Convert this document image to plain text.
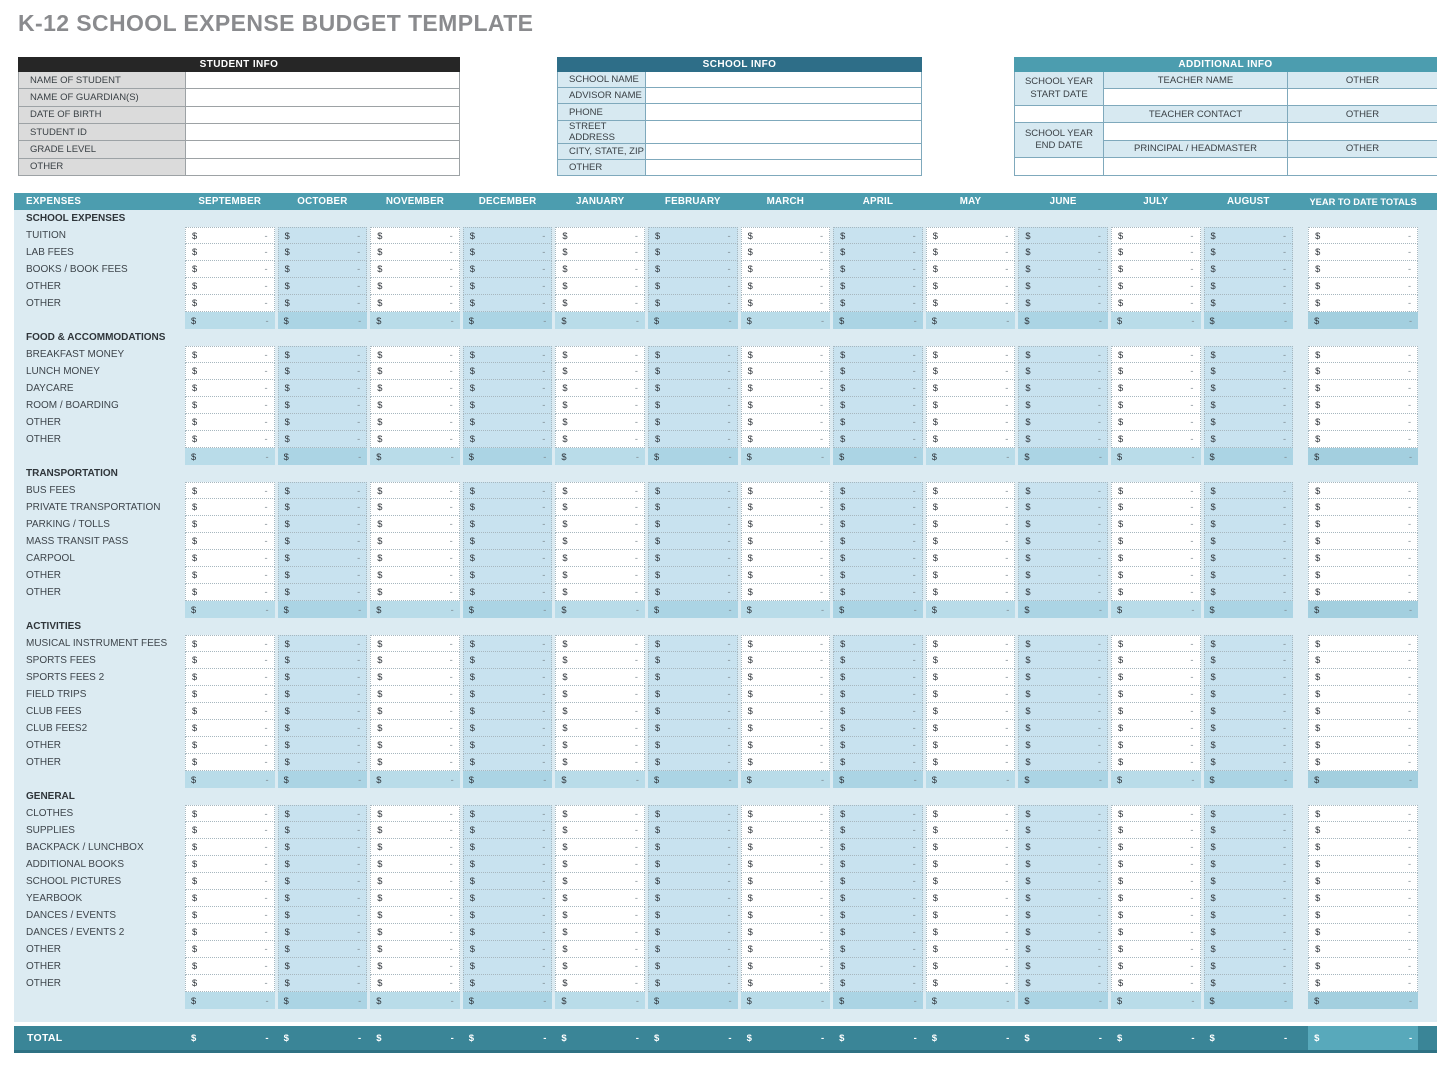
K-12 SCHOOL EXPENSE BUDGET TEMPLATE
STUDENT INFO
NAME OF STUDENT
NAME OF GUARDIAN(S)
DATE OF BIRTH
STUDENT ID
GRADE LEVEL
OTHER
SCHOOL INFO
SCHOOL NAME
ADVISOR NAME
PHONE
STREET ADDRESS
CITY, STATE, ZIP
OTHER
ADDITIONAL INFO
SCHOOL YEAR START DATE
SCHOOL YEAR END DATE
TEACHER NAME	OTHER
TEACHER CONTACT	OTHER
PRINCIPAL / HEADMASTER	OTHER
EXPENSES	SEPTEMBER	OCTOBER	NOVEMBER	DECEMBER	JANUARY	FEBRUARY	MARCH	APRIL	MAY	JUNE	JULY	AUGUST	YEAR TO DATE TOTALS
SCHOOL EXPENSES
TUITION	$	- $	- $	- $	- $	- $	- $	- $	- $	- $	- $	- $	-	$	-
LAB FEES	$	- $	- $	- $	- $	- $	- $	- $	- $	- $	- $	- $	-	$	-
BOOKS / BOOK FEES	$	- $	- $	- $	- $	- $	- $	- $	- $	- $	- $	- $	-	$	-
OTHER	$	- $	- $	- $	- $	- $	- $	- $	- $	- $	- $	- $	-	$	-
OTHER	$	- $	- $	- $	- $	- $	- $	- $	- $	- $	- $	- $	-	$	-
$	- $	- $	- $	- $	- $	- $	- $	- $	- $	- $	- $	-	$	-
FOOD & ACCOMMODATIONS
BREAKFAST MONEY	$	- $	- $	- $	- $	- $	- $	- $	- $	- $	- $	- $	-	$	-
LUNCH MONEY	$	- $	- $	- $	- $	- $	- $	- $	- $	- $	- $	- $	-	$	-
DAYCARE	$	- $	- $	- $	- $	- $	- $	- $	- $	- $	- $	- $	-	$	-
ROOM / BOARDING	$	- $	- $	- $	- $	- $	- $	- $	- $	- $	- $	- $	-	$	-
OTHER	$	- $	- $	- $	- $	- $	- $	- $	- $	- $	- $	- $	-	$	-
OTHER	$	- $	- $	- $	- $	- $	- $	- $	- $	- $	- $	- $	-	$	-
$	- $	- $	- $	- $	- $	- $	- $	- $	- $	- $	- $	-	$	-
TRANSPORTATION
BUS FEES	$	- $	- $	- $	- $	- $	- $	- $	- $	- $	- $	- $	-	$	-
PRIVATE TRANSPORTATION	$	- $	- $	- $	- $	- $	- $	- $	- $	- $	- $	- $	-	$	-
PARKING / TOLLS	$	- $	- $	- $	- $	- $	- $	- $	- $	- $	- $	- $	-	$	-
MASS TRANSIT PASS	$	- $	- $	- $	- $	- $	- $	- $	- $	- $	- $	- $	-	$	-
CARPOOL	$	- $	- $	- $	- $	- $	- $	- $	- $	- $	- $	- $	-	$	-
OTHER	$	- $	- $	- $	- $	- $	- $	- $	- $	- $	- $	- $	-	$	-
OTHER	$	- $	- $	- $	- $	- $	- $	- $	- $	- $	- $	- $	-	$	-
$	- $	- $	- $	- $	- $	- $	- $	- $	- $	- $	- $	-	$	-
ACTIVITIES
MUSICAL INSTRUMENT FEES	$	- $	- $	- $	- $	- $	- $	- $	- $	- $	- $	- $	-	$	-
SPORTS FEES	$	- $	- $	- $	- $	- $	- $	- $	- $	- $	- $	- $	-	$	-
SPORTS FEES 2	$	- $	- $	- $	- $	- $	- $	- $	- $	- $	- $	- $	-	$	-
FIELD TRIPS	$	- $	- $	- $	- $	- $	- $	- $	- $	- $	- $	- $	-	$	-
CLUB FEES	$	- $	- $	- $	- $	- $	- $	- $	- $	- $	- $	- $	-	$	-
CLUB FEES2	$	- $	- $	- $	- $	- $	- $	- $	- $	- $	- $	- $	-	$	-
OTHER	$	- $	- $	- $	- $	- $	- $	- $	- $	- $	- $	- $	-	$	-
OTHER	$	- $	- $	- $	- $	- $	- $	- $	- $	- $	- $	- $	-	$	-
$	- $	- $	- $	- $	- $	- $	- $	- $	- $	- $	- $	-	$	-
GENERAL
CLOTHES	$	- $	- $	- $	- $	- $	- $	- $	- $	- $	- $	- $	-	$	-
SUPPLIES	$	- $	- $	- $	- $	- $	- $	- $	- $	- $	- $	- $	-	$	-
BACKPACK / LUNCHBOX	$	- $	- $	- $	- $	- $	- $	- $	- $	- $	- $	- $	-	$	-
ADDITIONAL BOOKS	$	- $	- $	- $	- $	- $	- $	- $	- $	- $	- $	- $	-	$	-
SCHOOL PICTURES	$	- $	- $	- $	- $	- $	- $	- $	- $	- $	- $	- $	-	$	-
YEARBOOK	$	- $	- $	- $	- $	- $	- $	- $	- $	- $	- $	- $	-	$	-
DANCES / EVENTS	$	- $	- $	- $	- $	- $	- $	- $	- $	- $	- $	- $	-	$	-
DANCES / EVENTS 2	$	- $	- $	- $	- $	- $	- $	- $	- $	- $	- $	- $	-	$	-
OTHER	$	- $	- $	- $	- $	- $	- $	- $	- $	- $	- $	- $	-	$	-
OTHER	$	- $	- $	- $	- $	- $	- $	- $	- $	- $	- $	- $	-	$	-
OTHER	$	- $	- $	- $	- $	- $	- $	- $	- $	- $	- $	- $	-	$	-
$	- $	- $	- $	- $	- $	- $	- $	- $	- $	- $	- $	-	$	-
TOTAL	$	- $	- $	- $	- $	- $	- $	- $	- $	- $	- $	- $	-	$	-
